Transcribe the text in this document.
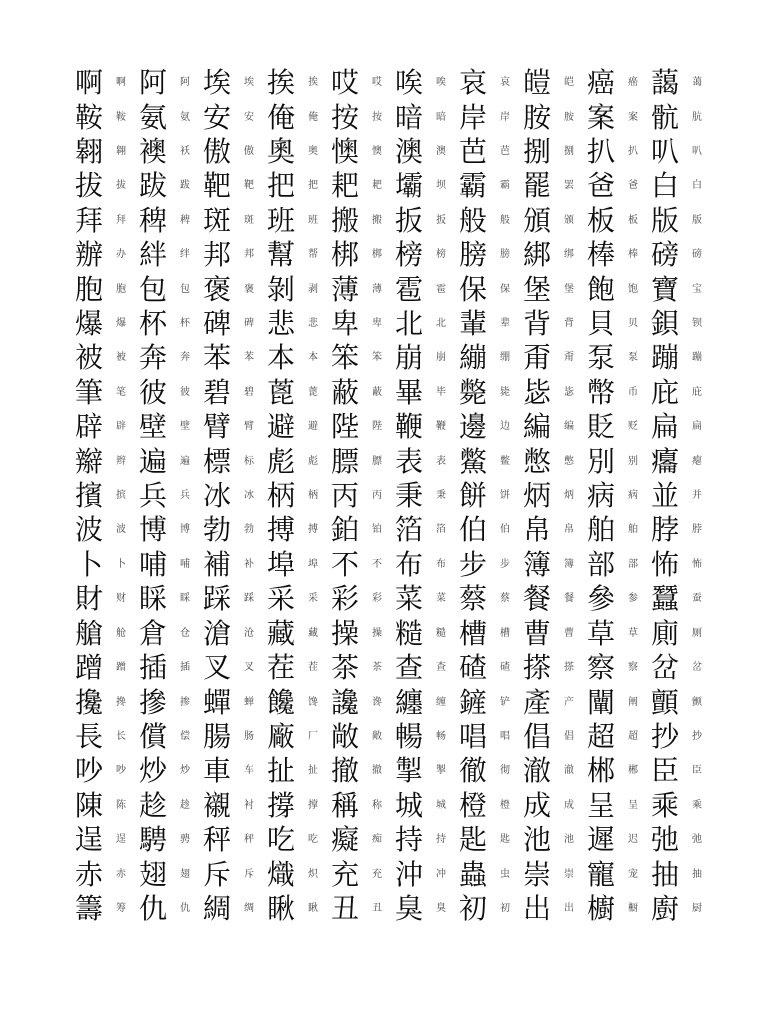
啊
鞍
翱
拔
拜
辦
胞
爆
被
筆
辟
辮
擯
波
卜
財
艙
蹭
攙
長
吵
陳
逞
赤
籌
啊
鞍
翱
拔
拜
办
胞
爆
被
笔
辟
辫
摈
波
卜
财
舱
蹭
搀
长
吵
陈
逞
赤
筹
阿
氨
襖
跋
稗
絆
包
杯
奔
彼
壁
遍
兵
博
哺
睬
倉
插
摻
償
炒
趁
騁
翅
仇
阿
氨
袄
跋
稗
绊
包
杯
奔
彼
壁
遍
兵
博
哺
睬
仓
插
掺
偿
炒
趁
骋
翅
仇
埃
安
傲
靶
斑
邦
褒
碑
苯
碧
臂
標
冰
勃
補
踩
滄
叉
蟬
腸
車
襯
秤
斥
綢
埃
安
傲
靶
斑
邦
褒
碑
苯
碧
臂
标
冰
勃
补
踩
沧
叉
蝉
肠
车
衬
秤
斥
绸
挨
俺
奧
把
班
幫
剝
悲
本
蓖
避
彪
柄
搏
埠
采
藏
茬
饞
廠
扯
撐
吃
熾
瞅
挨
俺
奥
把
班
帮
剥
悲
本
蓖
避
彪
柄
搏
埠
采
藏
茬
馋
厂
扯
撑
吃
炽
瞅
哎
按
懊
耙
搬
梆
薄
卑
笨
蔽
陛
膘
丙
鉑
不
彩
操
茶
讒
敞
撤
稱
癡
充
丑
哎
按
懊
耙
搬
梆
薄
卑
笨
蔽
陛
膘
丙
铂
不
彩
操
茶
谗
敞
撤
称
痴
充
丑
唉
暗
澳
壩
扳
榜
雹
北
崩
畢
鞭
表
秉
箔
布
菜
糙
查
纏
暢
掣
城
持
沖
臭
唉
暗
澳
坝
扳
榜
雹
北
崩
毕
鞭
表
秉
箔
布
菜
糙
查
缠
畅
掣
城
持
冲
臭
哀
岸
芭
霸
般
膀
保
輩
繃
斃
邊
鱉
餅
伯
步
蔡
槽
碴
鏟
唱
徹
橙
匙
蟲
初
哀
岸
芭
霸
般
膀
保
辈
绷
毙
边
鳖
饼
伯
步
蔡
槽
碴
铲
唱
彻
橙
匙
虫
初
皚
胺
捌
罷
頒
綁
堡
背
甭
毖
編
憋
炳
帛
簿
餐
曹
搽
產
倡
澈
成
池
崇
出
皑
胺
捌
罢
颁
绑
堡
背
甭
毖
编
憋
炳
帛
簿
餐
曹
搽
产
倡
澈
成
池
崇
出
癌
案
扒
爸
板
棒
飽
貝
泵
幣
貶
別
病
舶
部
參
草
察
闡
超
郴
呈
遲
寵
櫥
癌
案
扒
爸
板
棒
饱
贝
泵
币
贬
别
病
舶
部
参
草
察
阐
超
郴
呈
迟
宠
橱
藹
骯
叭
白
版
磅
寶
鋇
蹦
庇
扁
癟
並
脖
怖
蠶
廁
岔
顫
抄
臣
乘
弛
抽
廚
蔼
肮
叭
白
版
磅
宝
钡
蹦
庇
扁
瘪
并
脖
怖
蚕
厕
岔
颤
抄
臣
乘
弛
抽
厨
